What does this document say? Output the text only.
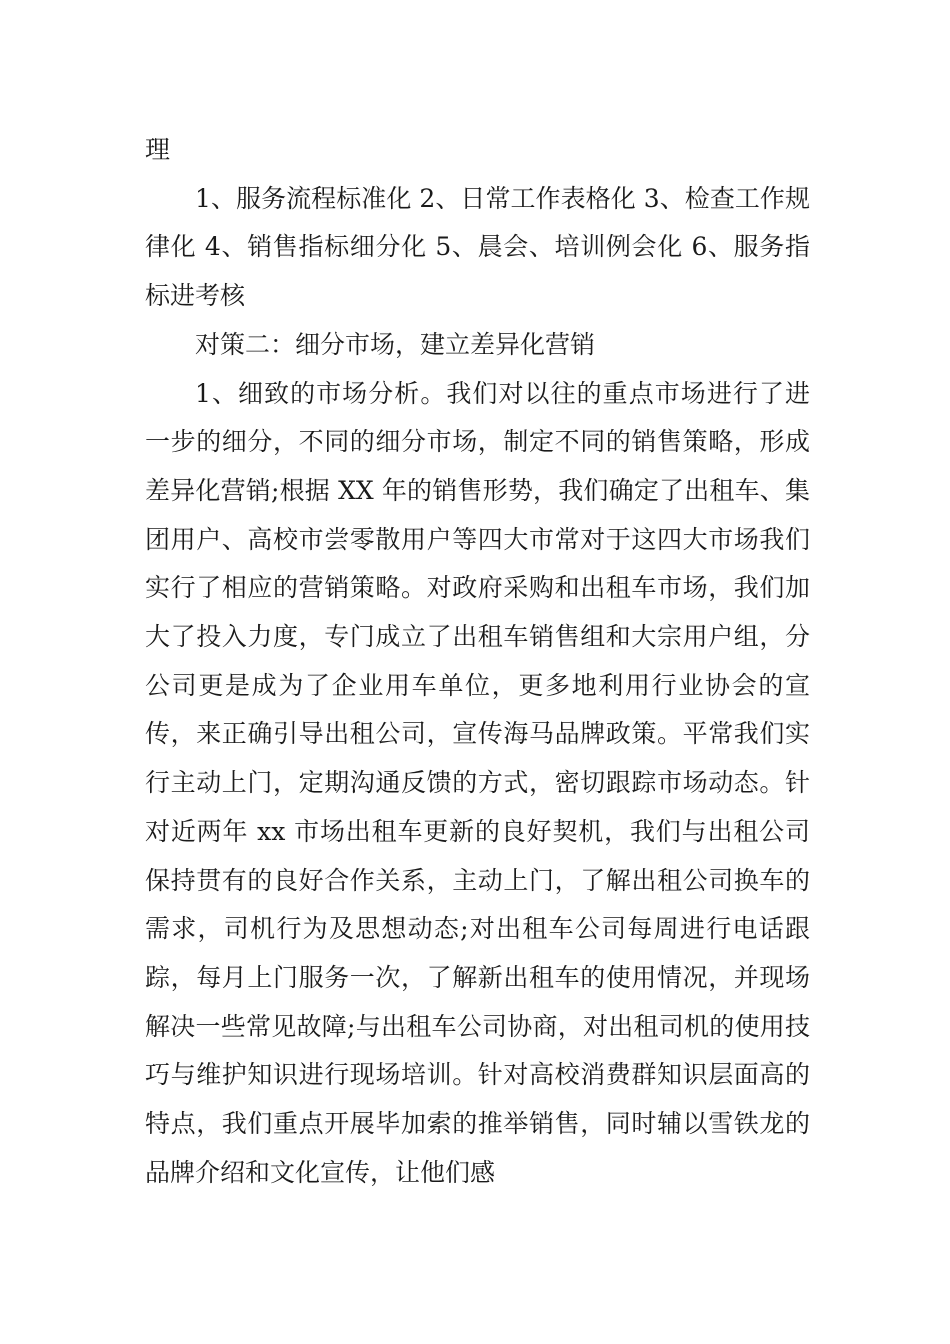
理

1、服务流程标准化 2、日常工作表格化 3、检查工作规律化 4、销售指标细分化 5、晨会、培训例会化 6、服务指标进考核

对策二：细分市场，建立差异化营销

1、细致的市场分析。我们对以往的重点市场进行了进一步的细分，不同的细分市场，制定不同的销售策略，形成差异化营销;根据 XX 年的销售形势，我们确定了出租车、集团用户、高校市尝零散用户等四大市常对于这四大市场我们实行了相应的营销策略。对政府采购和出租车市场，我们加大了投入力度，专门成立了出租车销售组和大宗用户组，分公司更是成为了企业用车单位，更多地利用行业协会的宣传，来正确引导出租公司，宣传海马品牌政策。平常我们实行主动上门，定期沟通反馈的方式，密切跟踪市场动态。针对近两年 xx 市场出租车更新的良好契机，我们与出租公司保持贯有的良好合作关系，主动上门，了解出租公司换车的需求，司机行为及思想动态;对出租车公司每周进行电话跟踪，每月上门服务一次，了解新出租车的使用情况，并现场解决一些常见故障;与出租车公司协商，对出租司机的使用技巧与维护知识进行现场培训。针对高校消费群知识层面高的特点，我们重点开展毕加索的推举销售，同时辅以雪铁龙的品牌介绍和文化宣传，让他们感
